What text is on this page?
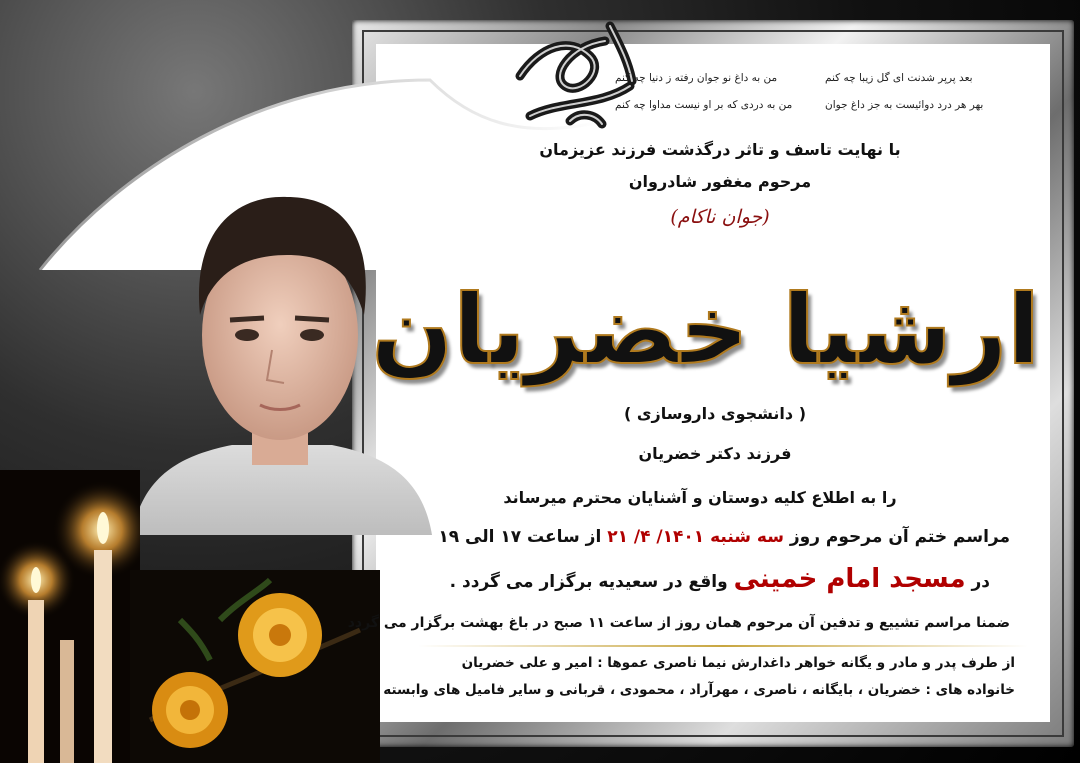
بعد پرپر شدنت ای گل زیبا چه کنم
من به داغ نو جوان رفته ز دنیا چه کنم
بهر هر درد دوائیست به جز داغ جوان
من به دردی که بر او نیست مداوا چه کنم
با نهایت تاسف و تاثر درگذشت فرزند عزیزمان
مرحوم مغفور شادروان
(جوان ناکام)
ارشیا خضریان
( دانشجوی داروسازی )
فرزند دکتر خضریان
را به اطلاع کلیه دوستان و آشنایان محترم میرساند
مراسم ختم آن مرحوم روز سه شنبه ۱۴۰۱/ ۴/ ۲۱ از ساعت ۱۷ الی ۱۹
در مسجد امام خمینی واقع در سعیدیه برگزار می گردد .
ضمنا مراسم تشییع و تدفین آن مرحوم همان روز از ساعت ۱۱ صبح در باغ بهشت برگزار می گردد
از طرف پدر و مادر و یگانه خواهر داغدارش نیما ناصری عموها : امیر و علی خضریان
خانواده های : خضریان ، بایگانه ، ناصری ، مهرآراد ، محمودی ، قربانی و سایر فامیل های وابسته
